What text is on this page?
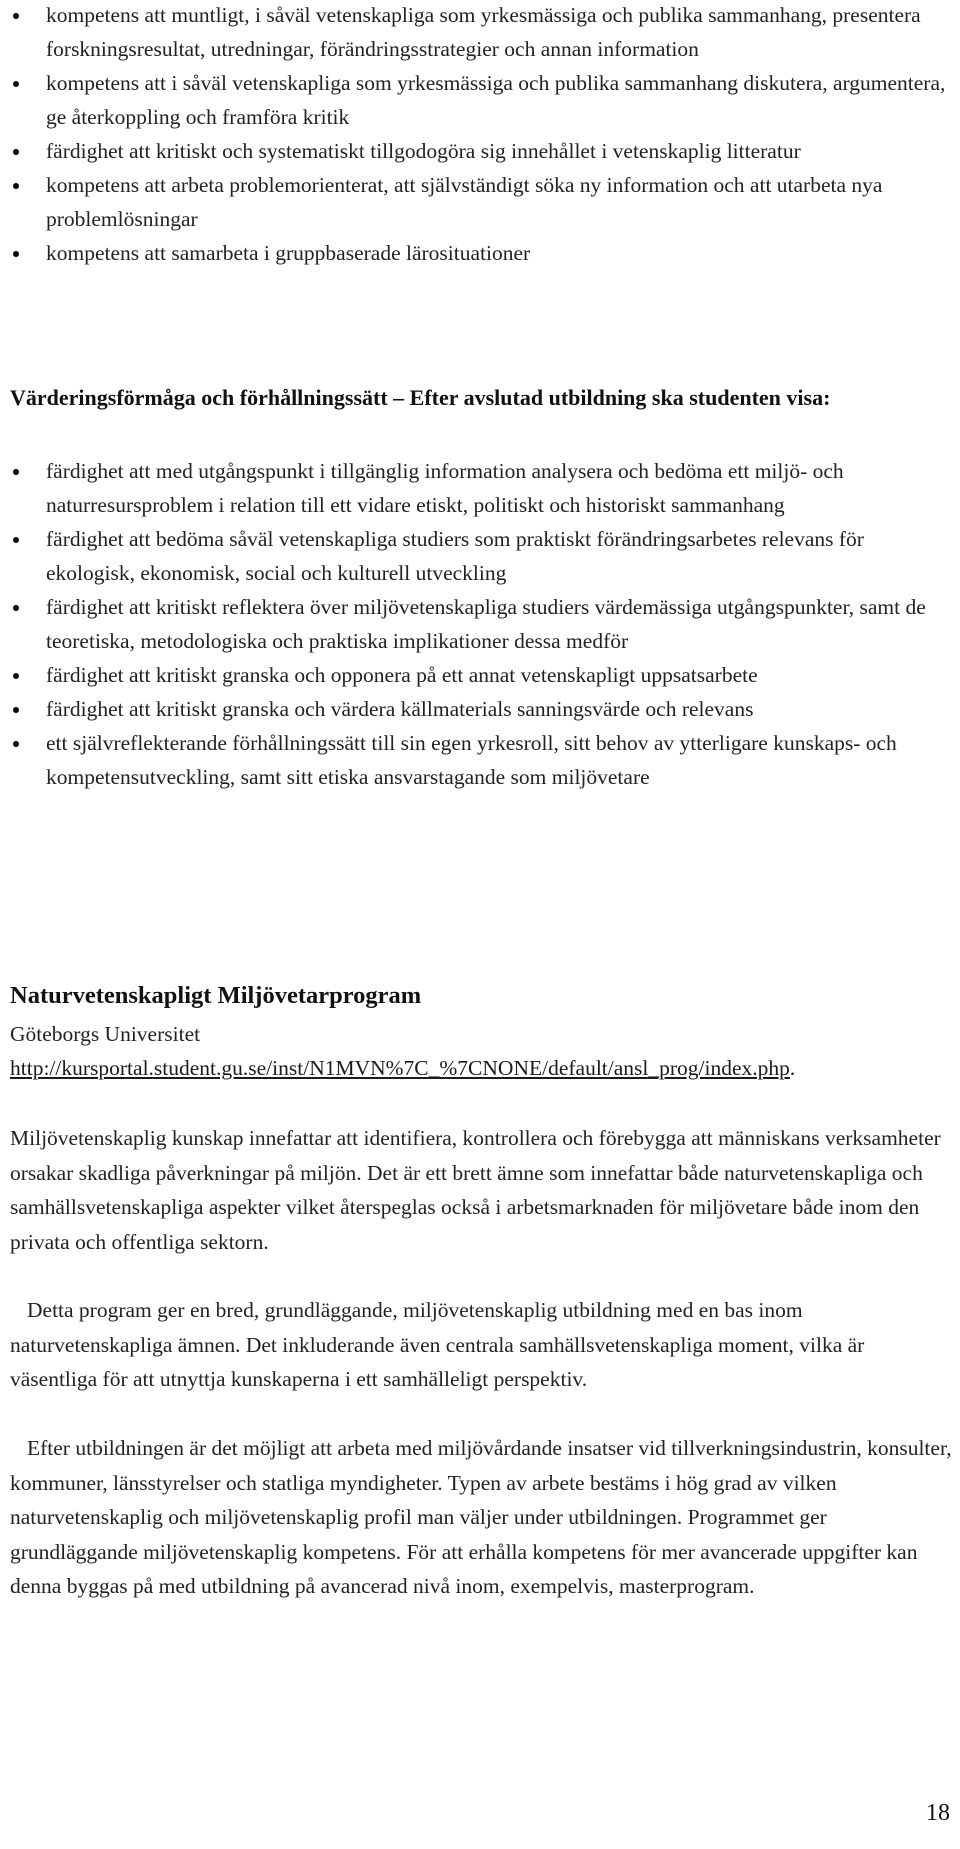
kompetens att muntligt, i såväl vetenskapliga som yrkesmässiga och publika sammanhang, presentera forskningsresultat, utredningar, förändringsstrategier och annan information
kompetens att i såväl vetenskapliga som yrkesmässiga och publika sammanhang diskutera, argumentera, ge återkoppling och framföra kritik
färdighet att kritiskt och systematiskt tillgodogöra sig innehållet i vetenskaplig litteratur
kompetens att arbeta problemorienterat, att självständigt söka ny information och att utarbeta nya problemlösningar
kompetens att samarbeta i gruppbaserade lärosituationer
Värderingsförmåga och förhållningssätt – Efter avslutad utbildning ska studenten visa:
färdighet att med utgångspunkt i tillgänglig information analysera och bedöma ett miljö- och naturresursproblem i relation till ett vidare etiskt, politiskt och historiskt sammanhang
färdighet att bedöma såväl vetenskapliga studiers som praktiskt förändringsarbetes relevans för ekologisk, ekonomisk, social och kulturell utveckling
färdighet att kritiskt reflektera över miljövetenskapliga studiers värdemässiga utgångspunkter, samt de teoretiska, metodologiska och praktiska implikationer dessa medför
färdighet att kritiskt granska och opponera på ett annat vetenskapligt uppsatsarbete
färdighet att kritiskt granska och värdera källmaterials sanningsvärde och relevans
ett självreflekterande förhållningssätt till sin egen yrkesroll, sitt behov av ytterligare kunskaps- och kompetensutveckling, samt sitt etiska ansvarstagande som miljövetare
Naturvetenskapligt Miljövetarprogram
Göteborgs Universitet
http://kursportal.student.gu.se/inst/N1MVN%7C_%7CNONE/default/ansl_prog/index.php.

Miljövetenskaplig kunskap innefattar att identifiera, kontrollera och förebygga att människans verksamheter orsakar skadliga påverkningar på miljön. Det är ett brett ämne som innefattar både naturvetenskapliga och samhällsvetenskapliga aspekter vilket återspeglas också i arbetsmarknaden för miljövetare både inom den privata och offentliga sektorn.

Detta program ger en bred, grundläggande, miljövetenskaplig utbildning med en bas inom naturvetenskapliga ämnen. Det inkluderande även centrala samhällsvetenskapliga moment, vilka är väsentliga för att utnyttja kunskaperna i ett samhälleligt perspektiv.

Efter utbildningen är det möjligt att arbeta med miljövårdande insatser vid tillverkningsindustrin, konsulter, kommuner, länsstyrelser och statliga myndigheter. Typen av arbete bestäms i hög grad av vilken naturvetenskaplig och miljövetenskaplig profil man väljer under utbildningen. Programmet ger grundläggande miljövetenskaplig kompetens. För att erhålla kompetens för mer avancerade uppgifter kan denna byggas på med utbildning på avancerad nivå inom, exempelvis, masterprogram.

18
